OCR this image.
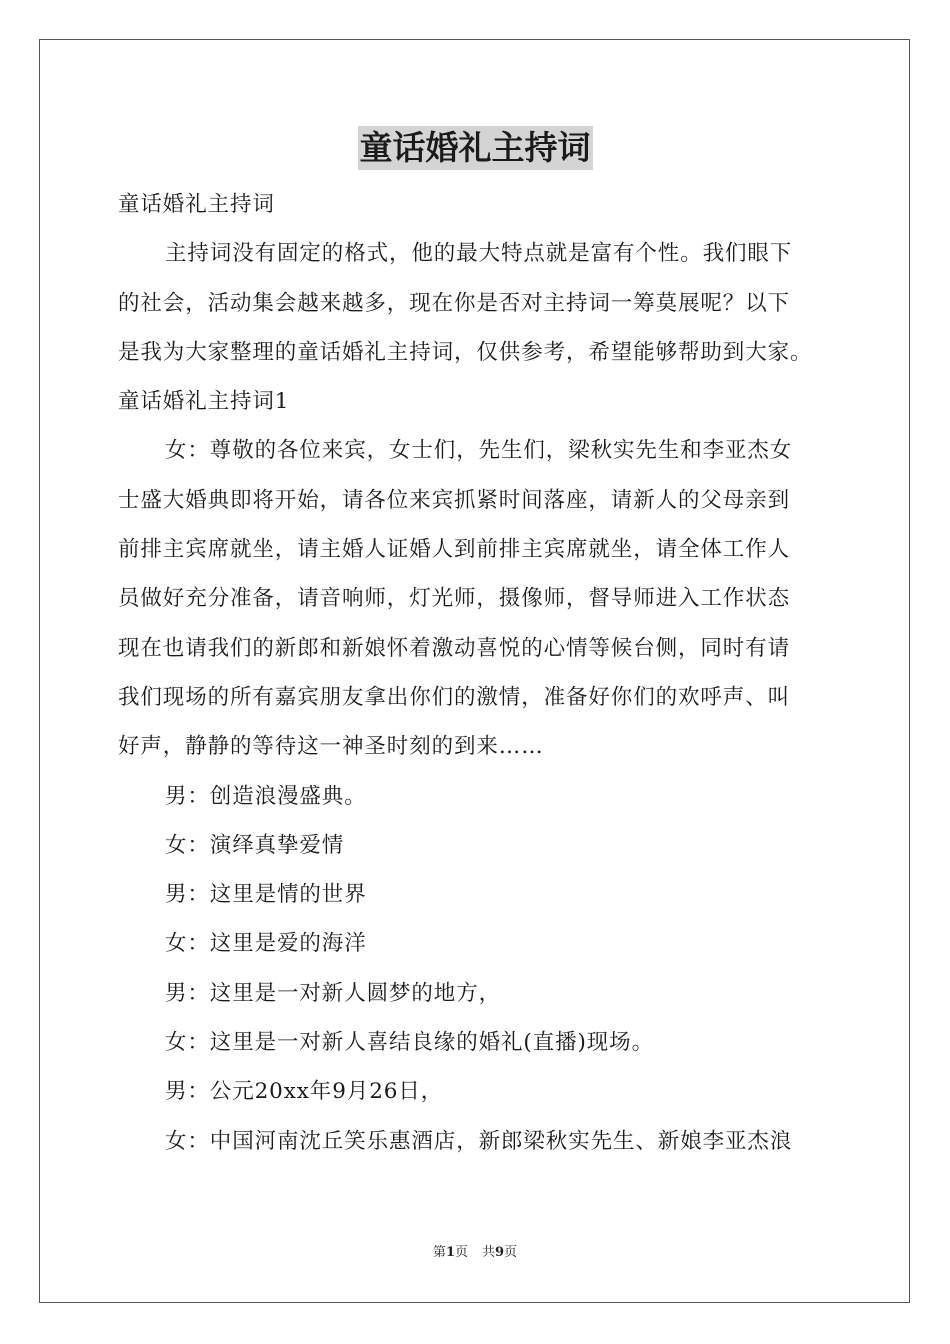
童话婚礼主持词
童话婚礼主持词
主持词没有固定的格式，他的最大特点就是富有个性。我们眼下
的社会，活动集会越来越多，现在你是否对主持词一筹莫展呢？以下
是我为大家整理的童话婚礼主持词，仅供参考，希望能够帮助到大家。
童话婚礼主持词1
女：尊敬的各位来宾，女士们，先生们，梁秋实先生和李亚杰女
士盛大婚典即将开始，请各位来宾抓紧时间落座，请新人的父母亲到
前排主宾席就坐，请主婚人证婚人到前排主宾席就坐，请全体工作人
员做好充分准备，请音响师，灯光师，摄像师，督导师进入工作状态
现在也请我们的新郎和新娘怀着激动喜悦的心情等候台侧，同时有请
我们现场的所有嘉宾朋友拿出你们的激情，准备好你们的欢呼声、叫
好声，静静的等待这一神圣时刻的到来……
男：创造浪漫盛典。
女：演绎真挚爱情
男：这里是情的世界
女：这里是爱的海洋
男：这里是一对新人圆梦的地方，
女：这里是一对新人喜结良缘的婚礼(直播)现场。
男：公元20xx年9月26日，
女：中国河南沈丘笑乐惠酒店，新郎梁秋实先生、新娘李亚杰浪
第1页 共9页
